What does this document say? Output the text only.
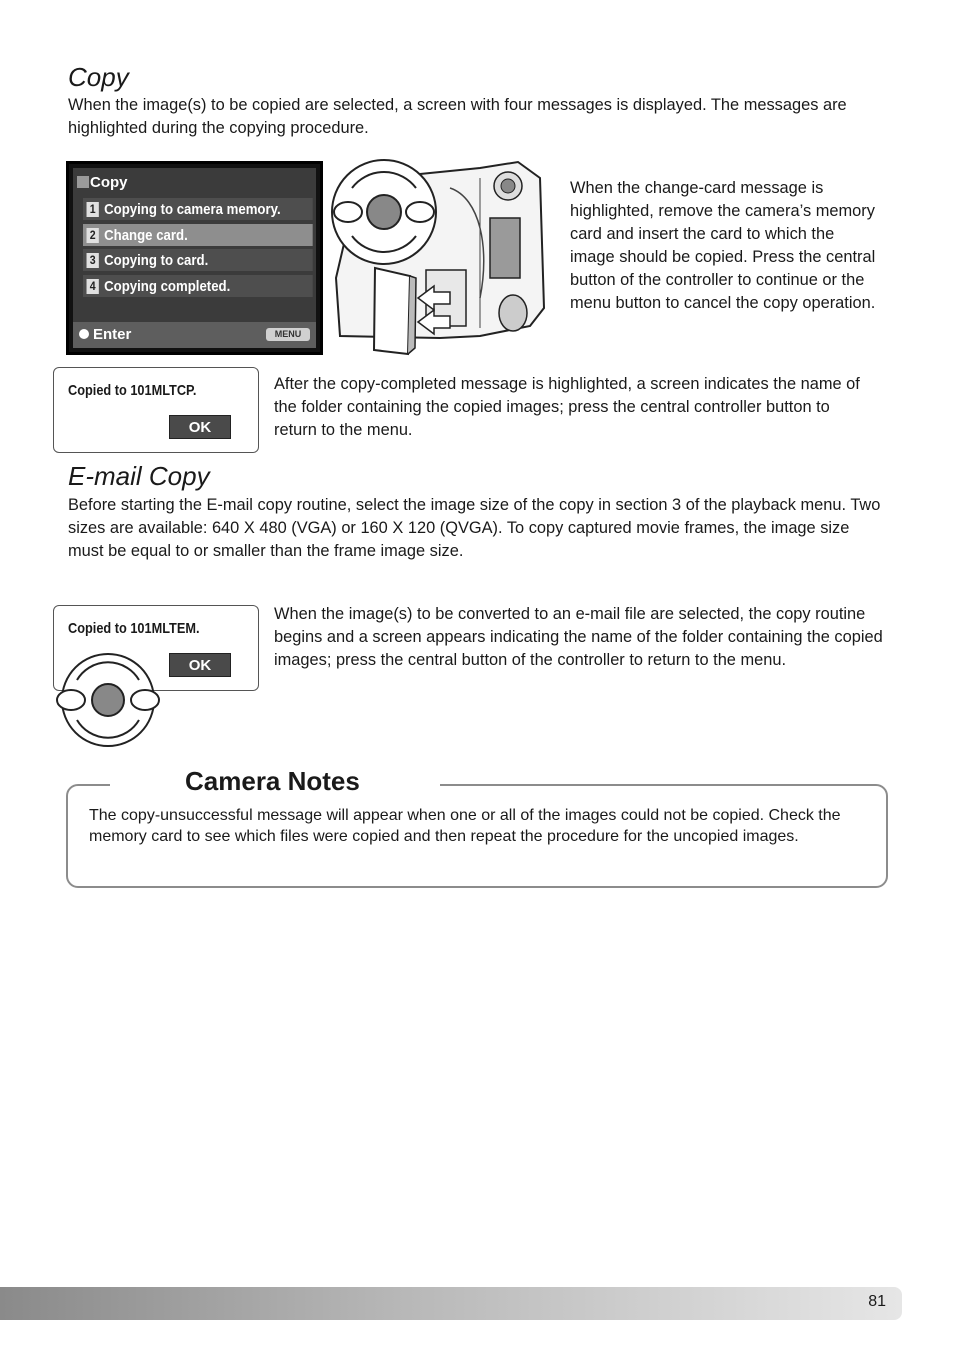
Copy

When the image(s) to be copied are selected, a screen with four messages is displayed. The messages are highlighted during the copying procedure.

Copy
1 Copying to camera memory.
2 Change card.
3 Copying to card.
4 Copying completed.
Enter	MENU

When the change-card message is highlighted, remove the camera’s memory card and insert the card to which the image should be copied. Press the central button of the controller to continue or the menu button to cancel the copy operation.

Copied to 101MLTCP.
OK

After the copy-completed message is highlighted, a screen indicates the name of the folder containing the copied images; press the central controller button to return to the menu.

E-mail Copy

Before starting the E-mail copy routine, select the image size of the copy in section 3 of the playback menu. Two sizes are available: 640 X 480 (VGA) or 160 X 120 (QVGA). To copy captured movie frames, the image size must be equal to or smaller than the frame image size.

Copied to 101MLTEM.
OK

When the image(s) to be converted to an e-mail file are selected, the copy routine begins and a screen appears indicating the name of the folder containing the copied images; press the central button of the controller to return to the menu.

Camera Notes

The copy-unsuccessful message will appear when one or all of the images could not be copied. Check the memory card to see which files were copied and then repeat the procedure for the uncopied images.

81
